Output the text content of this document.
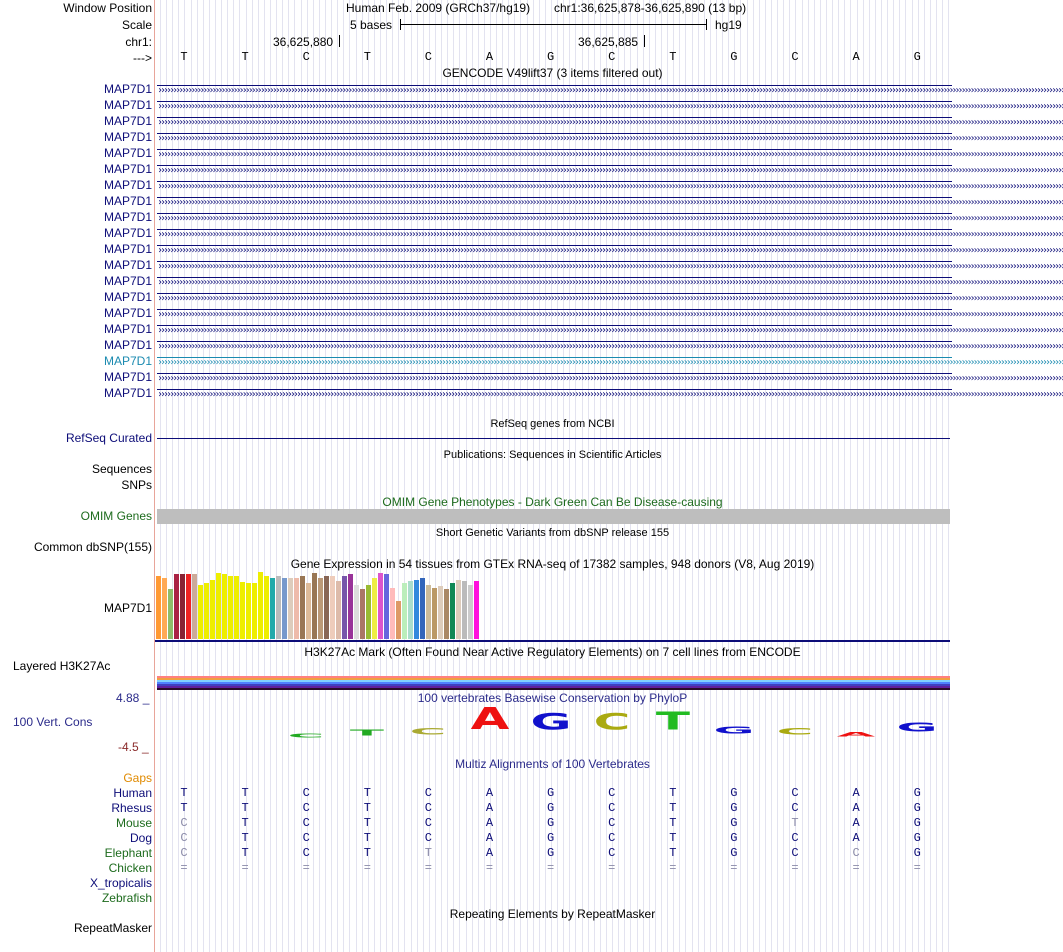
Window Position
Scale
chr1:
--->
Human Feb. 2009 (GRCh37/hg19) chr1:36,625,878-36,625,890 (13 bp)
5 bases	hg19
36,625,880	36,625,885
GENCODE V49lift37 (3 items filtered out)
RefSeq genes from NCBI
RefSeq Curated
Publications: Sequences in Scientific Articles
Sequences
SNPs
OMIM Gene Phenotypes - Dark Green Can Be Disease-causing
OMIM Genes
Short Genetic Variants from dbSNP release 155
Common dbSNP(155)
Gene Expression in 54 tissues from GTEx RNA-seq of 17382 samples, 948 donors (V8, Aug 2019)
MAP7D1
H3K27Ac Mark (Often Found Near Active Regulatory Elements) on 7 cell lines from ENCODE
Layered H3K27Ac
100 vertebrates Basewise Conservation by PhyloP
100 Vert. Cons
4.88 _
-4.5 _
Multiz Alignments of 100 Vertebrates
Gaps
Repeating Elements by RepeatMasker
RepeatMasker
T	T	C	T	C	A	G	C	T	G	C	A	G
MAP7D1 ››››››››››››››››››››››››››››››››››››››››››››››››››››››››››››››››››››››››››››››››››››››››››››››››››››››››››››››››››››››››››››››››››››››››››››››››››››››››››››››››››››››››››››››››››››››››››››››››››››››››››››››››››››››››››››››››››››››››››››››››››››››››››››››››››››››››››››››››››››››››››››››››››››››››››››
MAP7D1 ››››››››››››››››››››››››››››››››››››››››››››››››››››››››››››››››››››››››››››››››››››››››››››››››››››››››››››››››››››››››››››››››››››››››››››››››››››››››››››››››››››››››››››››››››››››››››››››››››››››››››››››››››››››››››››››››››››››››››››››››››››››››››››››››››››››››››››››››››››››››››››››››››››››››››››
MAP7D1 ››››››››››››››››››››››››››››››››››››››››››››››››››››››››››››››››››››››››››››››››››››››››››››››››››››››››››››››››››››››››››››››››››››››››››››››››››››››››››››››››››››››››››››››››››››››››››››››››››››››››››››››››››››››››››››››››››››››››››››››››››››››››››››››››››››››››››››››››››››››››››››››››››››››››››››
MAP7D1 ››››››››››››››››››››››››››››››››››››››››››››››››››››››››››››››››››››››››››››››››››››››››››››››››››››››››››››››››››››››››››››››››››››››››››››››››››››››››››››››››››››››››››››››››››››››››››››››››››››››››››››››››››››››››››››››››››››››››››››››››››››››››››››››››››››››››››››››››››››››››››››››››››››››››››››
MAP7D1 ››››››››››››››››››››››››››››››››››››››››››››››››››››››››››››››››››››››››››››››››››››››››››››››››››››››››››››››››››››››››››››››››››››››››››››››››››››››››››››››››››››››››››››››››››››››››››››››››››››››››››››››››››››››››››››››››››››››››››››››››››››››››››››››››››››››››››››››››››››››››››››››››››››››››››››
MAP7D1 ››››››››››››››››››››››››››››››››››››››››››››››››››››››››››››››››››››››››››››››››››››››››››››››››››››››››››››››››››››››››››››››››››››››››››››››››››››››››››››››››››››››››››››››››››››››››››››››››››››››››››››››››››››››››››››››››››››››››››››››››››››››››››››››››››››››››››››››››››››››››››››››››››››››››››››
MAP7D1 ››››››››››››››››››››››››››››››››››››››››››››››››››››››››››››››››››››››››››››››››››››››››››››››››››››››››››››››››››››››››››››››››››››››››››››››››››››››››››››››››››››››››››››››››››››››››››››››››››››››››››››››››››››››››››››››››››››››››››››››››››››››››››››››››››››››››››››››››››››››››››››››››››››››››››››
MAP7D1 ››››››››››››››››››››››››››››››››››››››››››››››››››››››››››››››››››››››››››››››››››››››››››››››››››››››››››››››››››››››››››››››››››››››››››››››››››››››››››››››››››››››››››››››››››››››››››››››››››››››››››››››››››››››››››››››››››››››››››››››››››››››››››››››››››››››››››››››››››››››››››››››››››››››››››››
MAP7D1 ››››››››››››››››››››››››››››››››››››››››››››››››››››››››››››››››››››››››››››››››››››››››››››››››››››››››››››››››››››››››››››››››››››››››››››››››››››››››››››››››››››››››››››››››››››››››››››››››››››››››››››››››››››››››››››››››››››››››››››››››››››››››››››››››››››››››››››››››››››››››››››››››››››››››››››
MAP7D1 ››››››››››››››››››››››››››››››››››››››››››››››››››››››››››››››››››››››››››››››››››››››››››››››››››››››››››››››››››››››››››››››››››››››››››››››››››››››››››››››››››››››››››››››››››››››››››››››››››››››››››››››››››››››››››››››››››››››››››››››››››››››››››››››››››››››››››››››››››››››››››››››››››››››››››››
MAP7D1 ››››››››››››››››››››››››››››››››››››››››››››››››››››››››››››››››››››››››››››››››››››››››››››››››››››››››››››››››››››››››››››››››››››››››››››››››››››››››››››››››››››››››››››››››››››››››››››››››››››››››››››››››››››››››››››››››››››››››››››››››››››››››››››››››››››››››››››››››››››››››››››››››››››››››››››
MAP7D1 ››››››››››››››››››››››››››››››››››››››››››››››››››››››››››››››››››››››››››››››››››››››››››››››››››››››››››››››››››››››››››››››››››››››››››››››››››››››››››››››››››››››››››››››››››››››››››››››››››››››››››››››››››››››››››››››››››››››››››››››››››››››››››››››››››››››››››››››››››››››››››››››››››››››››››››
MAP7D1 ››››››››››››››››››››››››››››››››››››››››››››››››››››››››››››››››››››››››››››››››››››››››››››››››››››››››››››››››››››››››››››››››››››››››››››››››››››››››››››››››››››››››››››››››››››››››››››››››››››››››››››››››››››››››››››››››››››››››››››››››››››››››››››››››››››››››››››››››››››››››››››››››››››››››››››
MAP7D1 ››››››››››››››››››››››››››››››››››››››››››››››››››››››››››››››››››››››››››››››››››››››››››››››››››››››››››››››››››››››››››››››››››››››››››››››››››››››››››››››››››››››››››››››››››››››››››››››››››››››››››››››››››››››››››››››››››››››››››››››››››››››››››››››››››››››››››››››››››››››››››››››››››››››››››››
MAP7D1 ››››››››››››››››››››››››››››››››››››››››››››››››››››››››››››››››››››››››››››››››››››››››››››››››››››››››››››››››››››››››››››››››››››››››››››››››››››››››››››››››››››››››››››››››››››››››››››››››››››››››››››››››››››››››››››››››››››››››››››››››››››››››››››››››››››››››››››››››››››››››››››››››››››››››››››
MAP7D1 ››››››››››››››››››››››››››››››››››››››››››››››››››››››››››››››››››››››››››››››››››››››››››››››››››››››››››››››››››››››››››››››››››››››››››››››››››››››››››››››››››››››››››››››››››››››››››››››››››››››››››››››››››››››››››››››››››››››››››››››››››››››››››››››››››››››››››››››››››››››››››››››››››››››››››››
MAP7D1 ››››››››››››››››››››››››››››››››››››››››››››››››››››››››››››››››››››››››››››››››››››››››››››››››››››››››››››››››››››››››››››››››››››››››››››››››››››››››››››››››››››››››››››››››››››››››››››››››››››››››››››››››››››››››››››››››››››››››››››››››››››››››››››››››››››››››››››››››››››››››››››››››››››››››››››
MAP7D1 ››››››››››››››››››››››››››››››››››››››››››››››››››››››››››››››››››››››››››››››››››››››››››››››››››››››››››››››››››››››››››››››››››››››››››››››››››››››››››››››››››››››››››››››››››››››››››››››››››››››››››››››››››››››››››››››››››››››››››››››››››››››››››››››››››››››››››››››››››››››››››››››››››››››››››››
MAP7D1 ››››››››››››››››››››››››››››››››››››››››››››››››››››››››››››››››››››››››››››››››››››››››››››››››››››››››››››››››››››››››››››››››››››››››››››››››››››››››››››››››››››››››››››››››››››››››››››››››››››››››››››››››››››››››››››››››››››››››››››››››››››››››››››››››››››››››››››››››››››››››››››››››››››››››››››
MAP7D1 ››››››››››››››››››››››››››››››››››››››››››››››››››››››››››››››››››››››››››››››››››››››››››››››››››››››››››››››››››››››››››››››››››››››››››››››››››››››››››››››››››››››››››››››››››››››››››››››››››››››››››››››››››››››››››››››››››››››››››››››››››››››››››››››››››››››››››››››››››››››››››››››››››››››››››››
C T C A G C T G C A
G
Human	T	T	C	T	C	A	G	C	T	G	C	A	G
Rhesus	T	T	C	T	C	A	G	C	T	G	C	A	G
Mouse	C	T	C	T	C	A	G	C	T	G	T	A	G
Dog	C	T	C	T	C	A	G	C	T	G	C	A	G
Elephant	C	T	C	T	T	A	G	C	T	G	C	C	G
Chicken	=	=	=	=	=	=	=	=	=	=	=	=	=
X_tropicalis
Zebrafish
